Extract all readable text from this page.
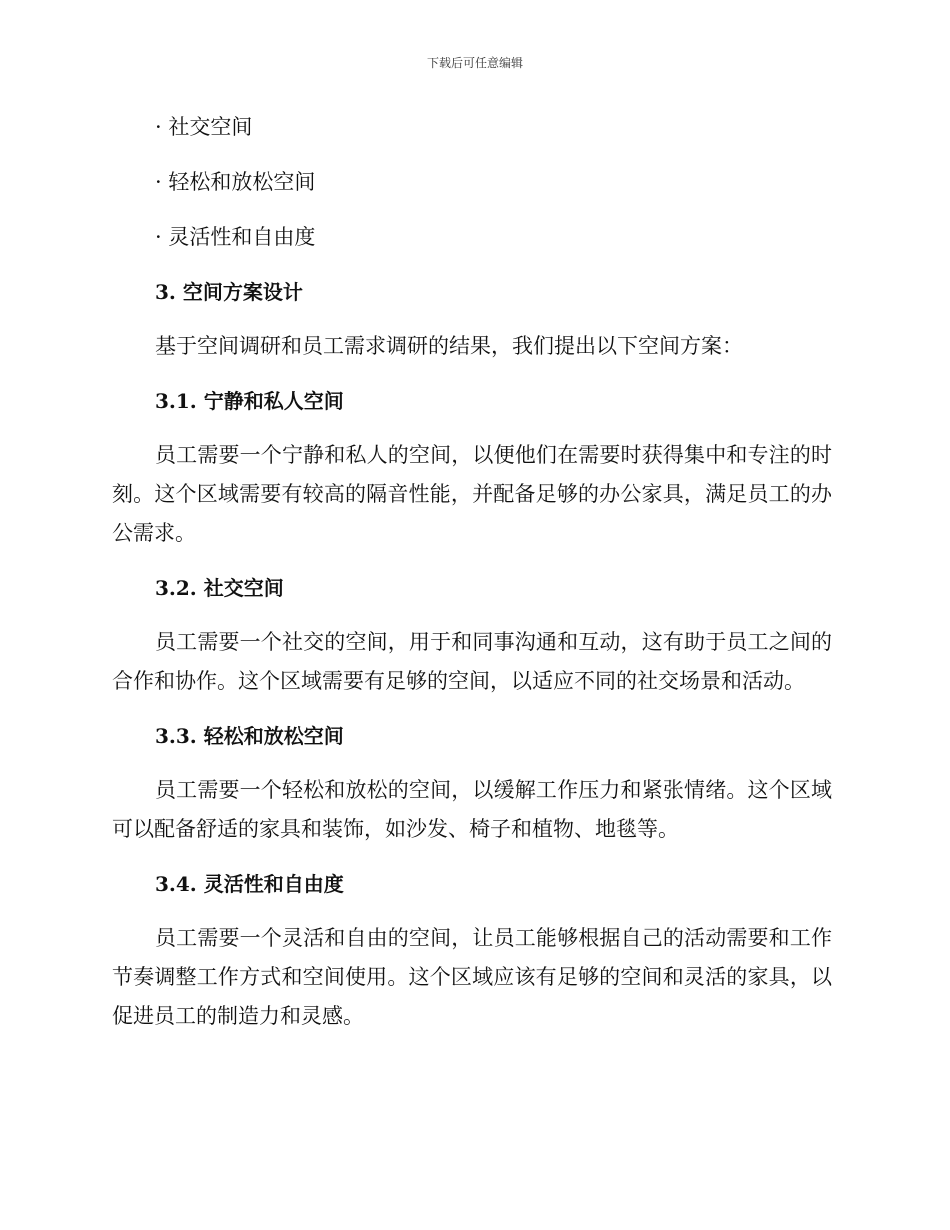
下载后可任意编辑

· 社交空间

· 轻松和放松空间

· 灵活性和自由度

3. 空间方案设计

基于空间调研和员工需求调研的结果，我们提出以下空间方案：

3.1. 宁静和私人空间

员工需要一个宁静和私人的空间，以便他们在需要时获得集中和专注的时刻。这个区域需要有较高的隔音性能，并配备足够的办公家具，满足员工的办公需求。

3.2. 社交空间

员工需要一个社交的空间，用于和同事沟通和互动，这有助于员工之间的合作和协作。这个区域需要有足够的空间，以适应不同的社交场景和活动。

3.3. 轻松和放松空间

员工需要一个轻松和放松的空间，以缓解工作压力和紧张情绪。这个区域可以配备舒适的家具和装饰，如沙发、椅子和植物、地毯等。

3.4. 灵活性和自由度

员工需要一个灵活和自由的空间，让员工能够根据自己的活动需要和工作节奏调整工作方式和空间使用。这个区域应该有足够的空间和灵活的家具，以促进员工的制造力和灵感。
